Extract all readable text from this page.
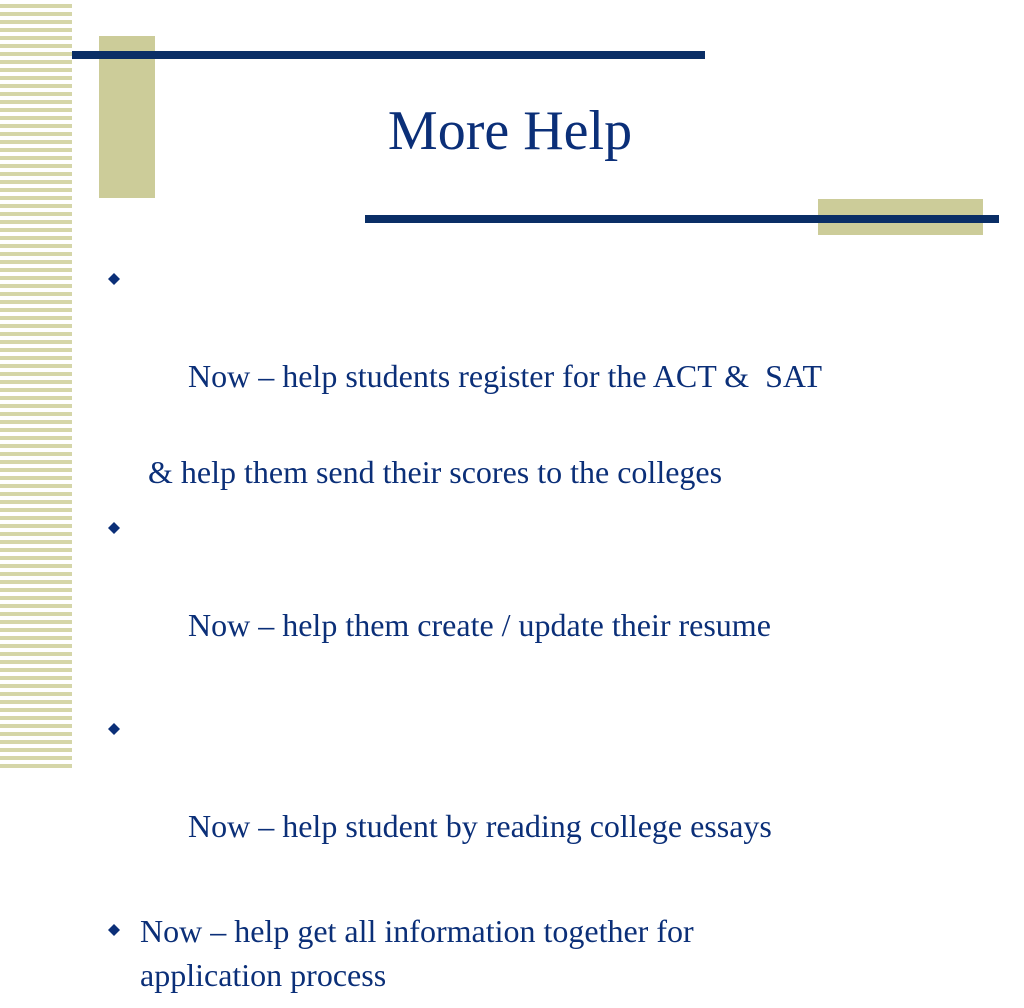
More Help

Now – help students register for the ACT &  SAT

& help them send their scores to the colleges

Now – help them create / update their resume

Now – help student by reading college essays

Now – help get all information together for
application process
